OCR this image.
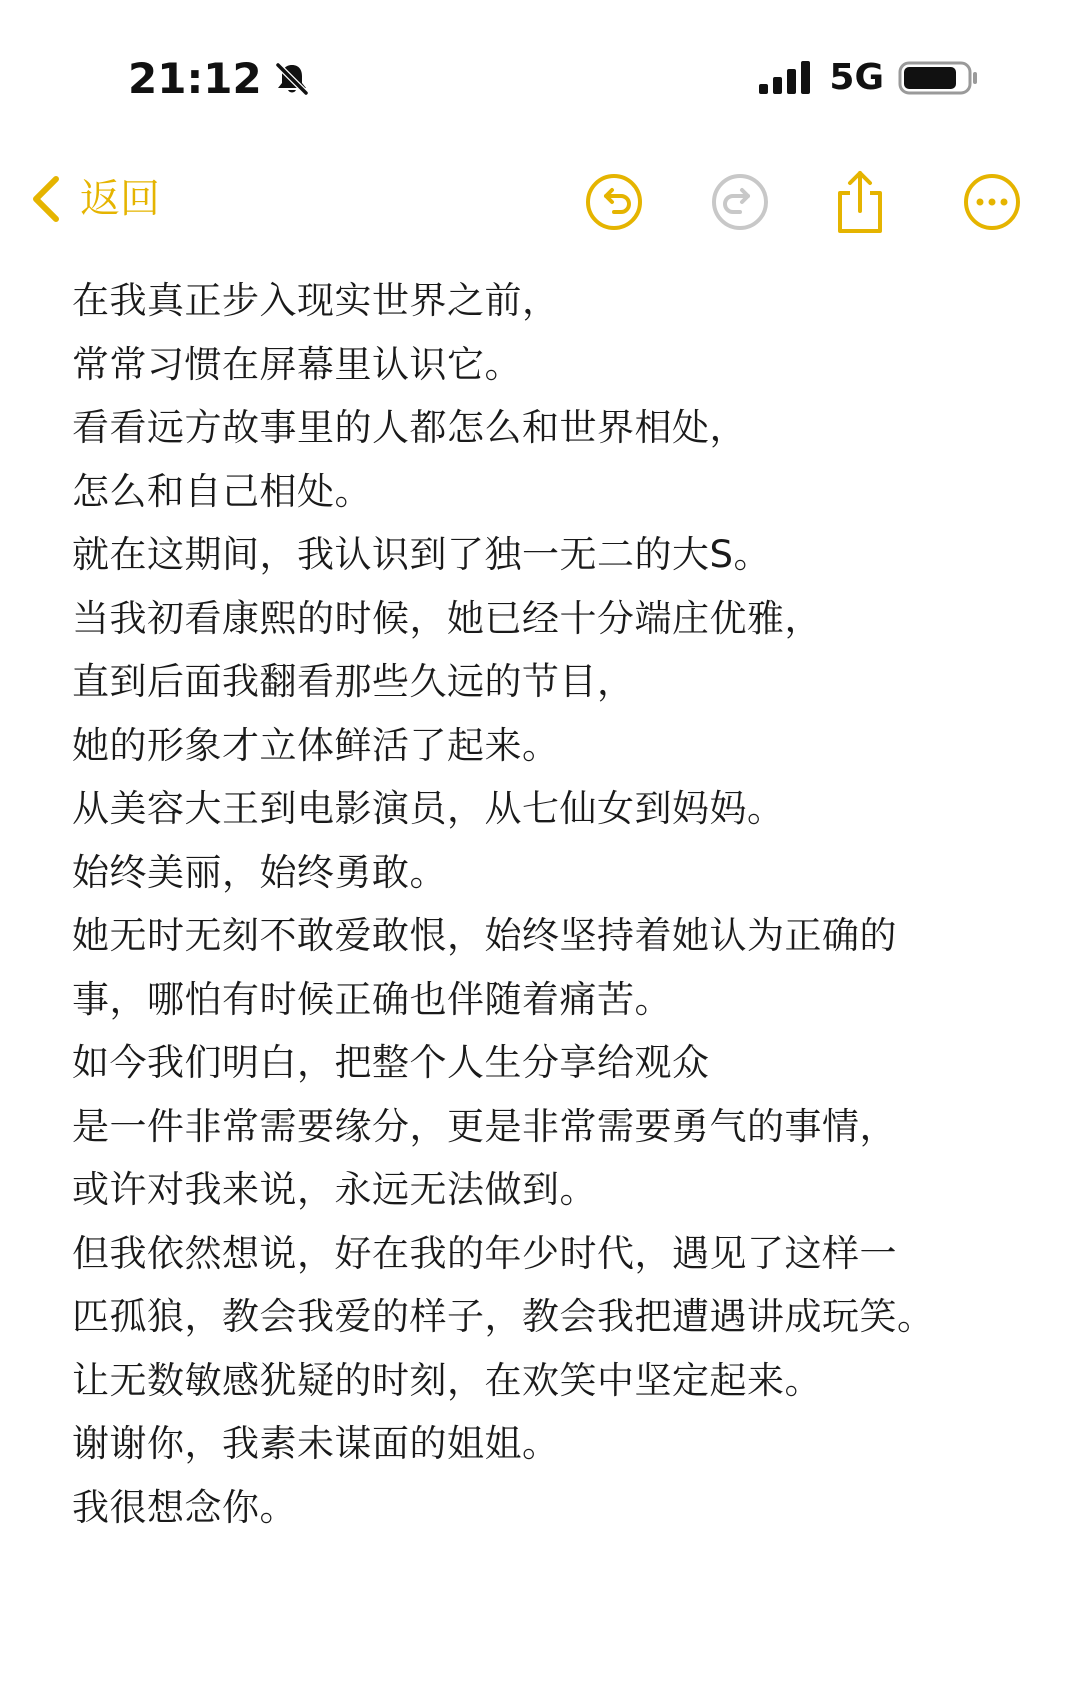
21:12	5G
返回
在我真正步入现实世界之前，
常常习惯在屏幕里认识它。
看看远方故事里的人都怎么和世界相处，
怎么和自己相处。
就在这期间，我认识到了独一无二的大S。
当我初看康熙的时候，她已经十分端庄优雅，
直到后面我翻看那些久远的节目，
她的形象才立体鲜活了起来。
从美容大王到电影演员，从七仙女到妈妈。
始终美丽，始终勇敢。
她无时无刻不敢爱敢恨，始终坚持着她认为正确的
事，哪怕有时候正确也伴随着痛苦。
如今我们明白，把整个人生分享给观众
是一件非常需要缘分，更是非常需要勇气的事情，
或许对我来说，永远无法做到。
但我依然想说，好在我的年少时代，遇见了这样一
匹孤狼，教会我爱的样子，教会我把遭遇讲成玩笑。
让无数敏感犹疑的时刻，在欢笑中坚定起来。
谢谢你，我素未谋面的姐姐。
我很想念你。
